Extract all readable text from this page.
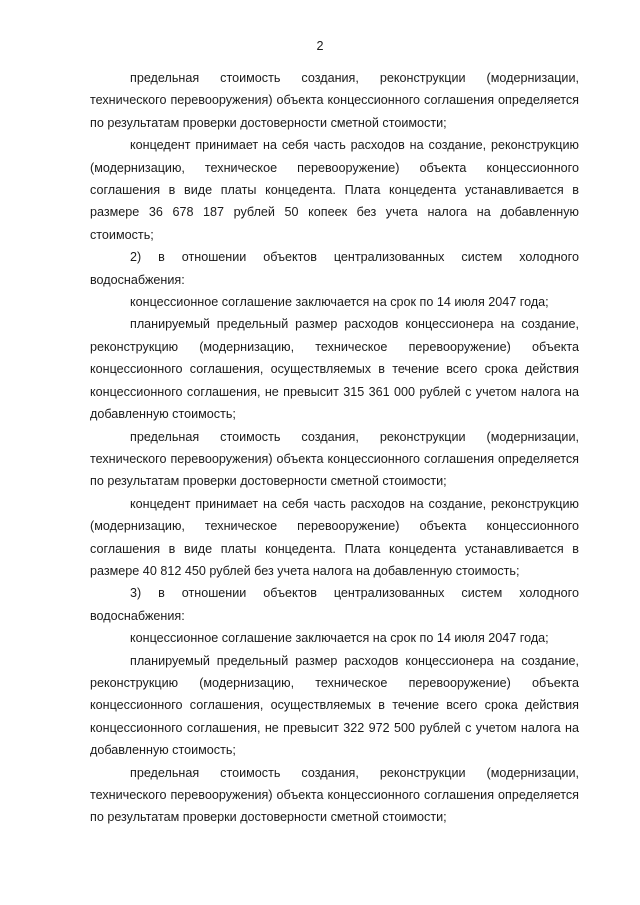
2

предельная стоимость создания, реконструкции (модернизации, технического перевооружения) объекта концессионного соглашения определяется по результатам проверки достоверности сметной стоимости;

концедент принимает на себя часть расходов на создание, реконструкцию (модернизацию, техническое перевооружение) объекта концессионного соглашения в виде платы концедента. Плата концедента устанавливается в размере 36 678 187 рублей 50 копеек без учета налога на добавленную стоимость;

2) в отношении объектов централизованных систем холодного водоснабжения:

концессионное соглашение заключается на срок по 14 июля 2047 года;

планируемый предельный размер расходов концессионера на создание, реконструкцию (модернизацию, техническое перевооружение) объекта концессионного соглашения, осуществляемых в течение всего срока действия концессионного соглашения, не превысит 315 361 000 рублей с учетом налога на добавленную стоимость;

предельная стоимость создания, реконструкции (модернизации, технического перевооружения) объекта концессионного соглашения определяется по результатам проверки достоверности сметной стоимости;

концедент принимает на себя часть расходов на создание, реконструкцию (модернизацию, техническое перевооружение) объекта концессионного соглашения в виде платы концедента. Плата концедента устанавливается в размере 40 812 450 рублей без учета налога на добавленную стоимость;

3) в отношении объектов централизованных систем холодного водоснабжения:

концессионное соглашение заключается на срок по 14 июля 2047 года;

планируемый предельный размер расходов концессионера на создание, реконструкцию (модернизацию, техническое перевооружение) объекта концессионного соглашения, осуществляемых в течение всего срока действия концессионного соглашения, не превысит 322 972 500 рублей с учетом налога на добавленную стоимость;

предельная стоимость создания, реконструкции (модернизации, технического перевооружения) объекта концессионного соглашения определяется по результатам проверки достоверности сметной стоимости;
